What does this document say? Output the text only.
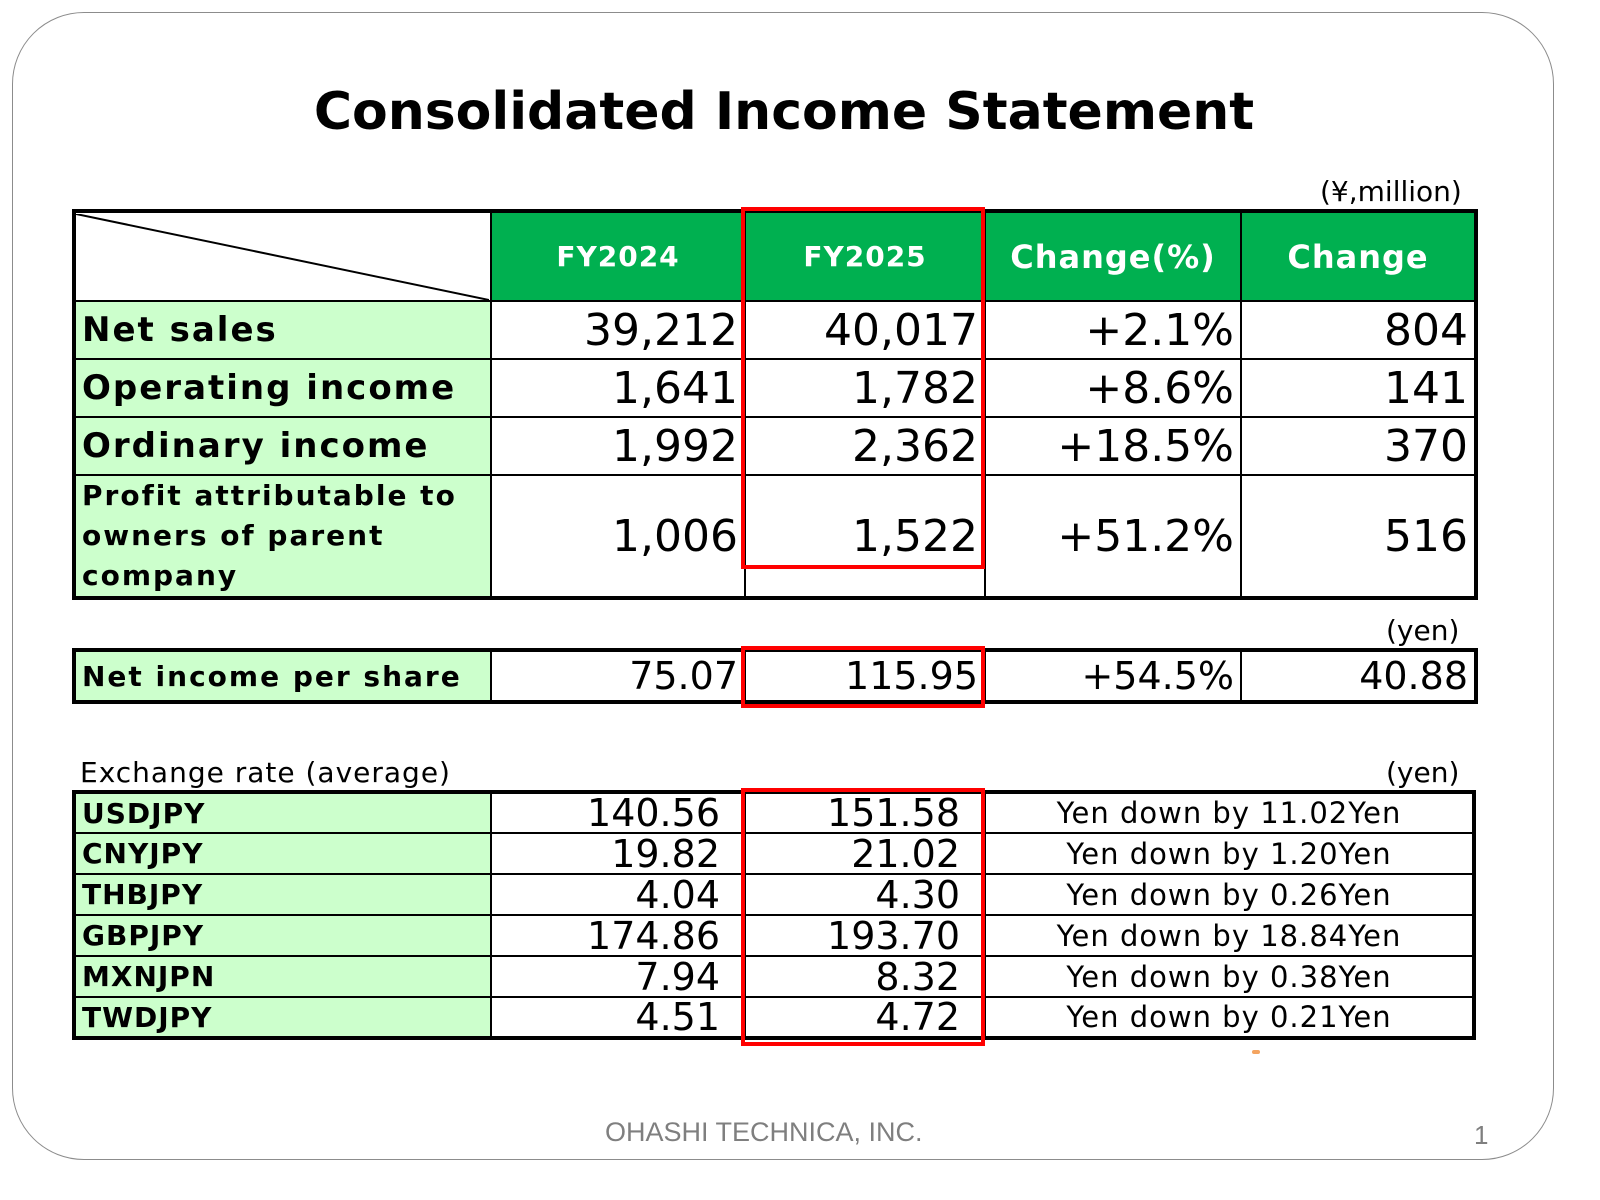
Consolidated Income Statement
(¥,million)
	FY2024	FY2025	Change(%)	Change
Net sales	39,212	40,017	+2.1%	804
Operating income	1,641	1,782	+8.6%	141
Ordinary income	1,992	2,362	+18.5%	370

Profit attributable to
owners of parent company	1,006	1,522	+51.2%	516
(yen)
Net income per share	75.07	115.95	+54.5%	40.88
Exchange rate (average)	(yen)
USDJPY	140.56	151.58	Yen down by 11.02Yen
CNYJPY	19.82	21.02	Yen down by 1.20Yen
THBJPY	4.04	4.30	Yen down by 0.26Yen
GBPJPY	174.86	193.70	Yen down by 18.84Yen
MXNJPN	7.94	8.32	Yen down by 0.38Yen
TWDJPY	4.51	4.72	Yen down by 0.21Yen
OHASHI TECHNICA, INC.	1
